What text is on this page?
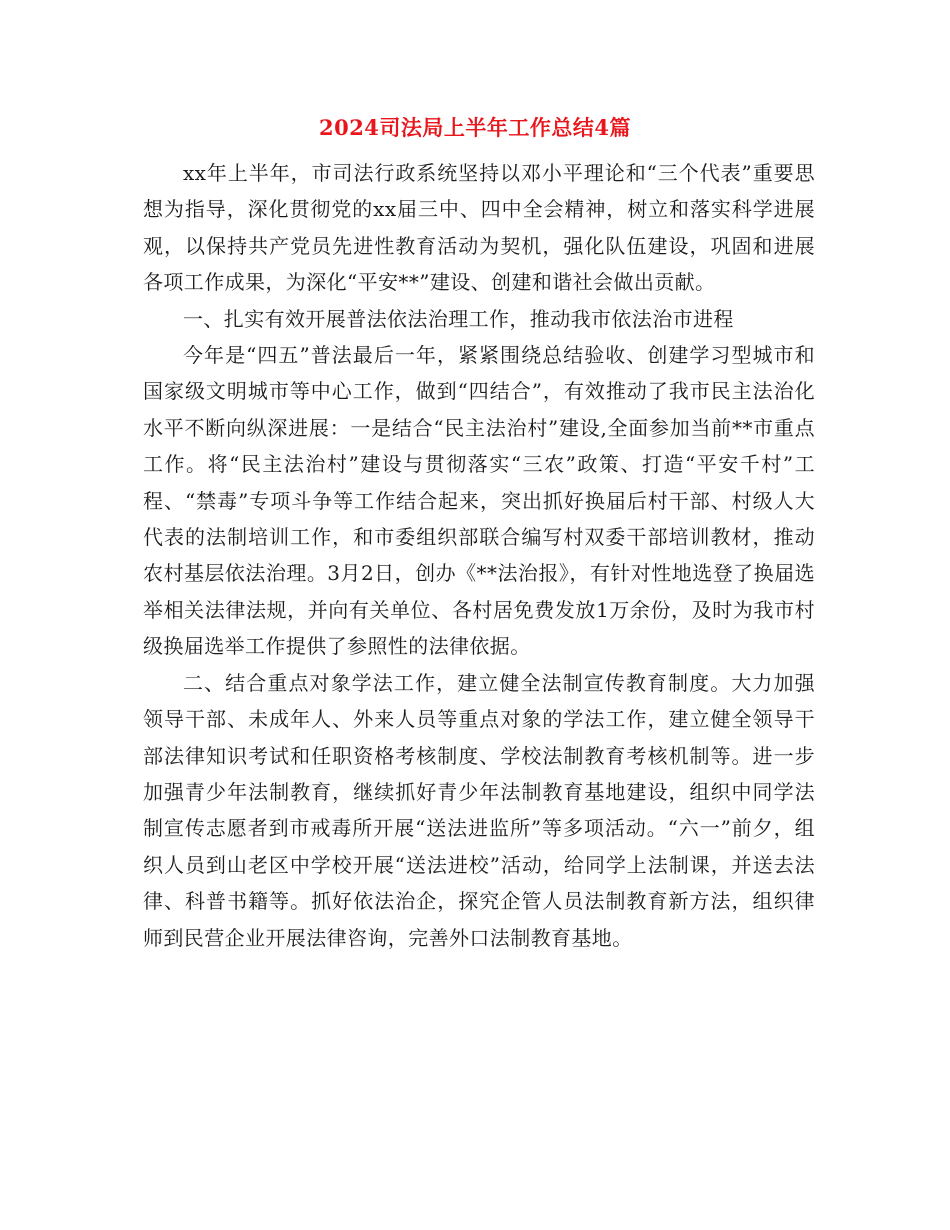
2024司法局上半年工作总结4篇

xx年上半年，市司法行政系统坚持以邓小平理论和“三个代表”重要思想为指导，深化贯彻党的xx届三中、四中全会精神，树立和落实科学进展观，以保持共产党员先进性教育活动为契机，强化队伍建设，巩固和进展各项工作成果，为深化“平安**”建设、创建和谐社会做出贡献。

一、扎实有效开展普法依法治理工作，推动我市依法治市进程

今年是“四五”普法最后一年，紧紧围绕总结验收、创建学习型城市和国家级文明城市等中心工作，做到“四结合”，有效推动了我市民主法治化水平不断向纵深进展：一是结合“民主法治村”建设,全面参加当前**市重点工作。将“民主法治村”建设与贯彻落实“三农”政策、打造“平安千村”工程、“禁毒”专项斗争等工作结合起来，突出抓好换届后村干部、村级人大代表的法制培训工作，和市委组织部联合编写村双委干部培训教材，推动农村基层依法治理。3月2日，创办《**法治报》，有针对性地选登了换届选举相关法律法规，并向有关单位、各村居免费发放1万余份，及时为我市村级换届选举工作提供了参照性的法律依据。

二、结合重点对象学法工作，建立健全法制宣传教育制度。大力加强领导干部、未成年人、外来人员等重点对象的学法工作，建立健全领导干部法律知识考试和任职资格考核制度、学校法制教育考核机制等。进一步加强青少年法制教育，继续抓好青少年法制教育基地建设，组织中同学法制宣传志愿者到市戒毒所开展“送法进监所”等多项活动。“六一”前夕，组织人员到山老区中学校开展“送法进校”活动，给同学上法制课，并送去法律、科普书籍等。抓好依法治企，探究企管人员法制教育新方法，组织律师到民营企业开展法律咨询，完善外口法制教育基地。
